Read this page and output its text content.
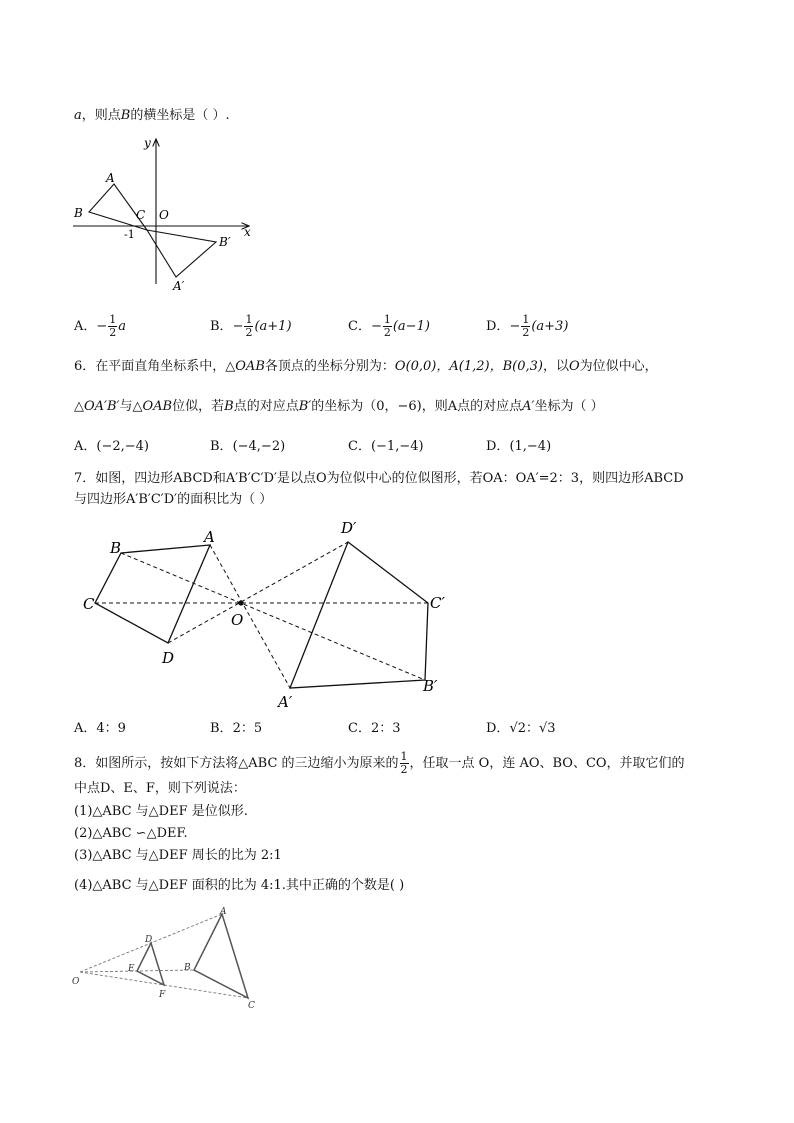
a，则点B的横坐标是（ ）.
x
y
A
B	C O
-1
B′
A′
A．− $\frac{1}{2}$ a	B．− $\frac{1}{2} (a+1)$	C．− $\frac{1}{2} (a-1)$	D．− $\frac{1}{2} (a+3)$
6．在平面直角坐标系中，△OAB各顶点的坐标分别为：O(0,0)，A(1,2)，B(0,3)，以O为位似中心，
△OA′B′与△OAB位似，若B点的对应点B′的坐标为（0，−6)，则A点的对应点A′坐标为（ ）
A．(−2,−4)	B．(−4,−2)	C．(−1,−4)	D．(1,−4)
7．如图，四边形ABCD和A′B′C′D′是以点O为位似中心的位似图形，若OA：OA′=2：3，则四边形ABCD
与四边形A′B′C′D′的面积比为（ ）
B
A
C
D
O
D′
C′
B′
A′
A．4：9	B．2：5	C．2：3	D．√2：√3
8．如图所示，按如下方法将△ABC 的三边缩小为原来的 $\frac{1}{2}$ ，任取一点 O，连 AO、BO、CO，并取它们的
中点D、E、F，则下列说法：
(1)△ABC 与△DEF 是位似形.
(2)△ABC ∽△DEF.
(3)△ABC 与△DEF 周长的比为 2:1
(4)△ABC 与△DEF 面积的比为 4:1.其中正确的个数是( )
A
B
C
D
E
F
O
